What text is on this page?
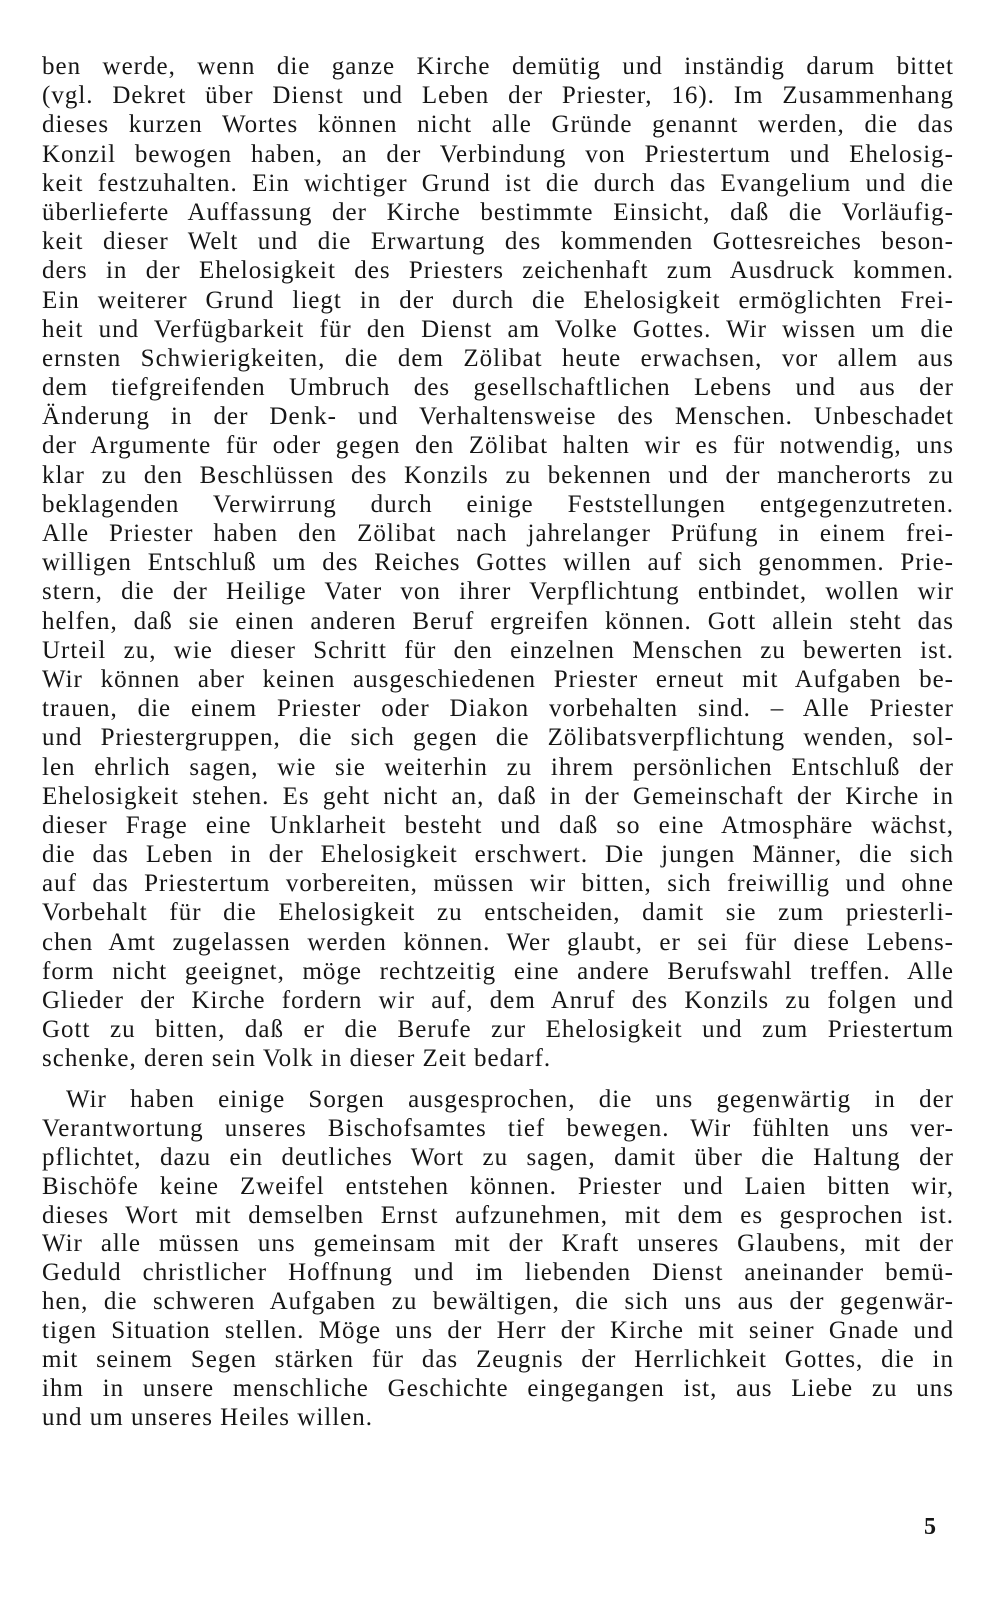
ben werde, wenn die ganze Kirche demütig und inständig darum bittet
(vgl. Dekret über Dienst und Leben der Priester, 16). Im Zusammenhang
dieses kurzen Wortes können nicht alle Gründe genannt werden, die das
Konzil bewogen haben, an der Verbindung von Priestertum und Ehelosig-
keit festzuhalten. Ein wichtiger Grund ist die durch das Evangelium und die
überlieferte Auffassung der Kirche bestimmte Einsicht, daß die Vorläufig-
keit dieser Welt und die Erwartung des kommenden Gottesreiches beson-
ders in der Ehelosigkeit des Priesters zeichenhaft zum Ausdruck kommen.
Ein weiterer Grund liegt in der durch die Ehelosigkeit ermöglichten Frei-
heit und Verfügbarkeit für den Dienst am Volke Gottes. Wir wissen um die
ernsten Schwierigkeiten, die dem Zölibat heute erwachsen, vor allem aus
dem tiefgreifenden Umbruch des gesellschaftlichen Lebens und aus der
Änderung in der Denk- und Verhaltensweise des Menschen. Unbeschadet
der Argumente für oder gegen den Zölibat halten wir es für notwendig, uns
klar zu den Beschlüssen des Konzils zu bekennen und der mancherorts zu
beklagenden Verwirrung durch einige Feststellungen entgegenzutreten.
Alle Priester haben den Zölibat nach jahrelanger Prüfung in einem frei-
willigen Entschluß um des Reiches Gottes willen auf sich genommen. Prie-
stern, die der Heilige Vater von ihrer Verpflichtung entbindet, wollen wir
helfen, daß sie einen anderen Beruf ergreifen können. Gott allein steht das
Urteil zu, wie dieser Schritt für den einzelnen Menschen zu bewerten ist.
Wir können aber keinen ausgeschiedenen Priester erneut mit Aufgaben be-
trauen, die einem Priester oder Diakon vorbehalten sind. – Alle Priester
und Priestergruppen, die sich gegen die Zölibatsverpflichtung wenden, sol-
len ehrlich sagen, wie sie weiterhin zu ihrem persönlichen Entschluß der
Ehelosigkeit stehen. Es geht nicht an, daß in der Gemeinschaft der Kirche in
dieser Frage eine Unklarheit besteht und daß so eine Atmosphäre wächst,
die das Leben in der Ehelosigkeit erschwert. Die jungen Männer, die sich
auf das Priestertum vorbereiten, müssen wir bitten, sich freiwillig und ohne
Vorbehalt für die Ehelosigkeit zu entscheiden, damit sie zum priesterli-
chen Amt zugelassen werden können. Wer glaubt, er sei für diese Lebens-
form nicht geeignet, möge rechtzeitig eine andere Berufswahl treffen. Alle
Glieder der Kirche fordern wir auf, dem Anruf des Konzils zu folgen und
Gott zu bitten, daß er die Berufe zur Ehelosigkeit und zum Priestertum
schenke, deren sein Volk in dieser Zeit bedarf.
Wir haben einige Sorgen ausgesprochen, die uns gegenwärtig in der
Verantwortung unseres Bischofsamtes tief bewegen. Wir fühlten uns ver-
pflichtet, dazu ein deutliches Wort zu sagen, damit über die Haltung der
Bischöfe keine Zweifel entstehen können. Priester und Laien bitten wir,
dieses Wort mit demselben Ernst aufzunehmen, mit dem es gesprochen ist.
Wir alle müssen uns gemeinsam mit der Kraft unseres Glaubens, mit der
Geduld christlicher Hoffnung und im liebenden Dienst aneinander bemü-
hen, die schweren Aufgaben zu bewältigen, die sich uns aus der gegenwär-
tigen Situation stellen. Möge uns der Herr der Kirche mit seiner Gnade und
mit seinem Segen stärken für das Zeugnis der Herrlichkeit Gottes, die in
ihm in unsere menschliche Geschichte eingegangen ist, aus Liebe zu uns
und um unseres Heiles willen.
5
